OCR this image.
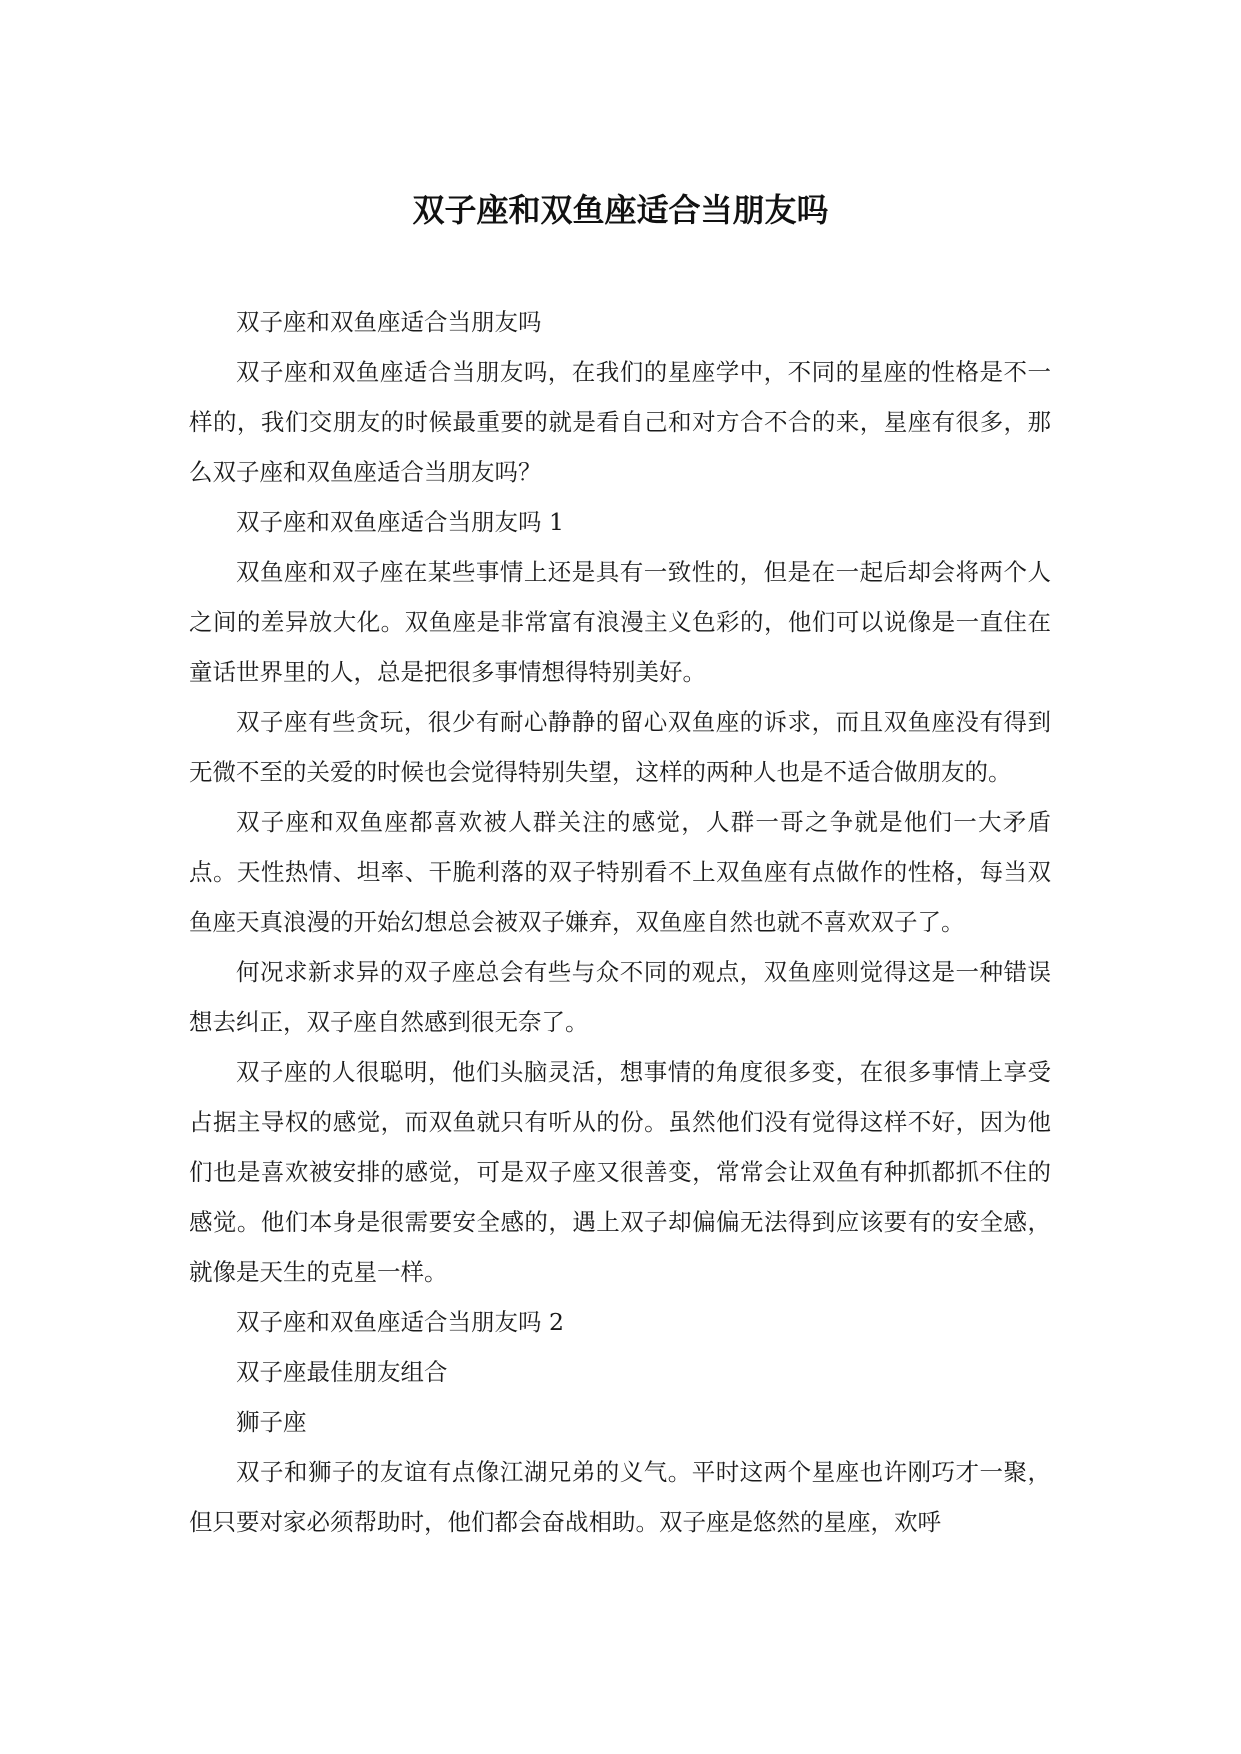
双子座和双鱼座适合当朋友吗

双子座和双鱼座适合当朋友吗

双子座和双鱼座适合当朋友吗，在我们的星座学中，不同的星座的性格是不一样的，我们交朋友的时候最重要的就是看自己和对方合不合的来，星座有很多，那么双子座和双鱼座适合当朋友吗？

双子座和双鱼座适合当朋友吗 1

双鱼座和双子座在某些事情上还是具有一致性的，但是在一起后却会将两个人之间的差异放大化。双鱼座是非常富有浪漫主义色彩的，他们可以说像是一直住在童话世界里的人，总是把很多事情想得特别美好。

双子座有些贪玩，很少有耐心静静的留心双鱼座的诉求，而且双鱼座没有得到无微不至的关爱的时候也会觉得特别失望，这样的两种人也是不适合做朋友的。

双子座和双鱼座都喜欢被人群关注的感觉，人群一哥之争就是他们一大矛盾点。天性热情、坦率、干脆利落的双子特别看不上双鱼座有点做作的性格，每当双鱼座天真浪漫的开始幻想总会被双子嫌弃，双鱼座自然也就不喜欢双子了。

何况求新求异的双子座总会有些与众不同的观点，双鱼座则觉得这是一种错误想去纠正，双子座自然感到很无奈了。

双子座的人很聪明，他们头脑灵活，想事情的角度很多变，在很多事情上享受占据主导权的感觉，而双鱼就只有听从的份。虽然他们没有觉得这样不好，因为他们也是喜欢被安排的感觉，可是双子座又很善变，常常会让双鱼有种抓都抓不住的感觉。他们本身是很需要安全感的，遇上双子却偏偏无法得到应该要有的安全感，就像是天生的克星一样。

双子座和双鱼座适合当朋友吗 2

双子座最佳朋友组合

狮子座

双子和狮子的友谊有点像江湖兄弟的义气。平时这两个星座也许刚巧才一聚，但只要对家必须帮助时，他们都会奋战相助。双子座是悠然的星座，欢呼
